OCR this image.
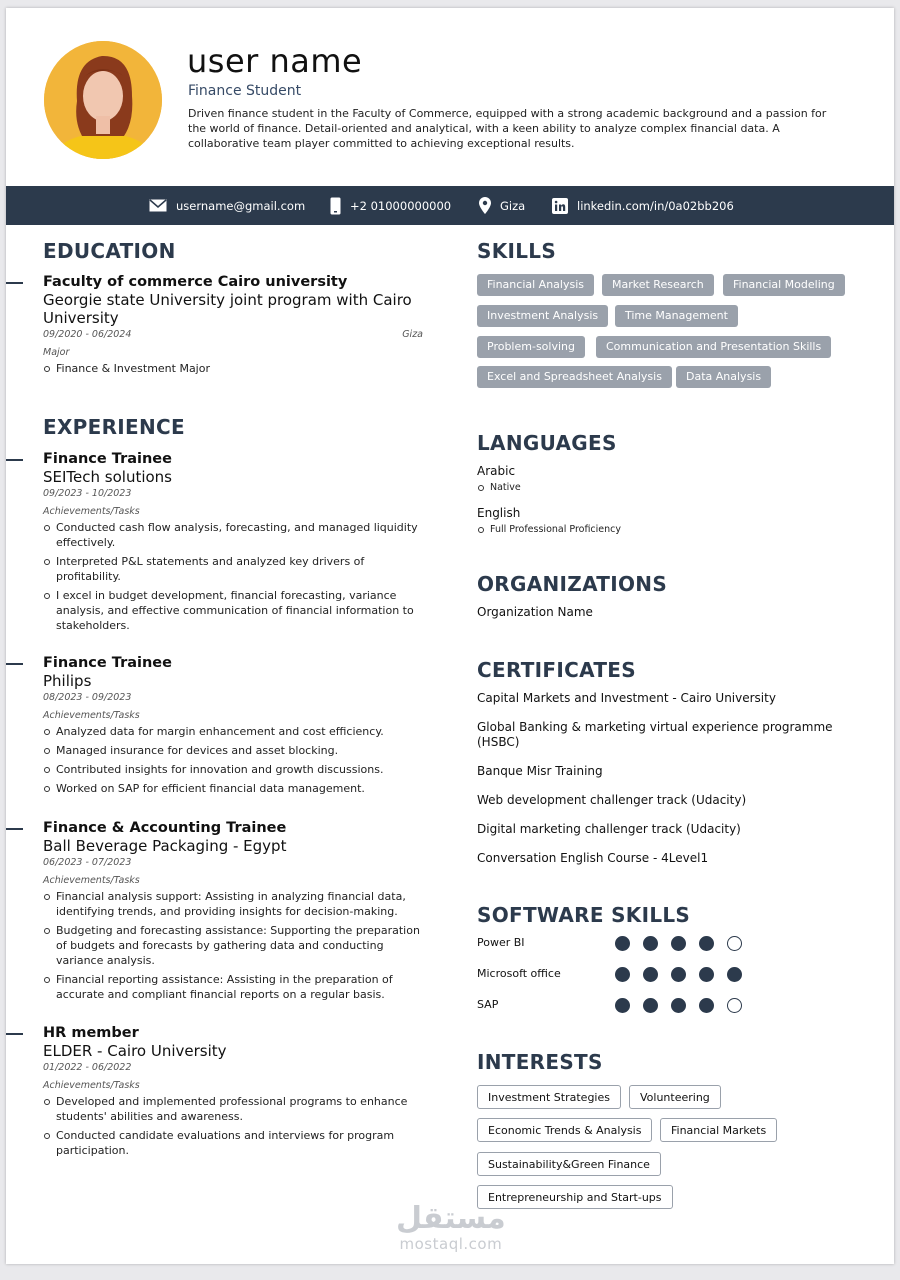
user name
Finance Student
Driven finance student in the Faculty of Commerce, equipped with a strong academic background and a passion for the world of finance. Detail-oriented and analytical, with a keen ability to analyze complex financial data. A collaborative team player committed to achieving exceptional results.
username@gmail.com	+2 01000000000	Giza	linkedin.com/in/0a02bb206
EDUCATION
Faculty of commerce Cairo university
Georgie state University joint program with Cairo University
09/2020 - 06/2024	Giza
Major
Finance & Investment Major
EXPERIENCE
Finance Trainee
SEITech solutions
09/2023 - 10/2023
Achievements/Tasks
Conducted cash flow analysis, forecasting, and managed liquidity effectively.
Interpreted P&L statements and analyzed key drivers of profitability.
I excel in budget development, financial forecasting, variance analysis, and effective communication of financial information to stakeholders.
Finance Trainee
Philips
08/2023 - 09/2023
Achievements/Tasks
Analyzed data for margin enhancement and cost efficiency.
Managed insurance for devices and asset blocking.
Contributed insights for innovation and growth discussions.
Worked on SAP for efficient financial data management.
Finance & Accounting Trainee
Ball Beverage Packaging - Egypt
06/2023 - 07/2023
Achievements/Tasks
Financial analysis support: Assisting in analyzing financial data, identifying trends, and providing insights for decision-making.
Budgeting and forecasting assistance: Supporting the preparation of budgets and forecasts by gathering data and conducting variance analysis.
Financial reporting assistance: Assisting in the preparation of accurate and compliant financial reports on a regular basis.
HR member
ELDER - Cairo University
01/2022 - 06/2022
Achievements/Tasks
Developed and implemented professional programs to enhance students' abilities and awareness.
Conducted candidate evaluations and interviews for program participation.
SKILLS
Financial Analysis	Market Research	Financial Modeling
Investment Analysis	Time Management
Problem-solving	Communication and Presentation Skills
Excel and Spreadsheet Analysis	Data Analysis
LANGUAGES
Arabic
Native
English
Full Professional Proficiency
ORGANIZATIONS
Organization Name
CERTIFICATES
Capital Markets and Investment - Cairo University
Global Banking & marketing virtual experience programme (HSBC)
Banque Misr Training
Web development challenger track (Udacity)
Digital marketing challenger track (Udacity)
Conversation English Course - 4Level1
SOFTWARE SKILLS
Power BI
Microsoft office
SAP
INTERESTS
Investment Strategies	Volunteering
Economic Trends & Analysis	Financial Markets
Sustainability&Green Finance
Entrepreneurship and Start-ups
مستقل
mostaql.com
